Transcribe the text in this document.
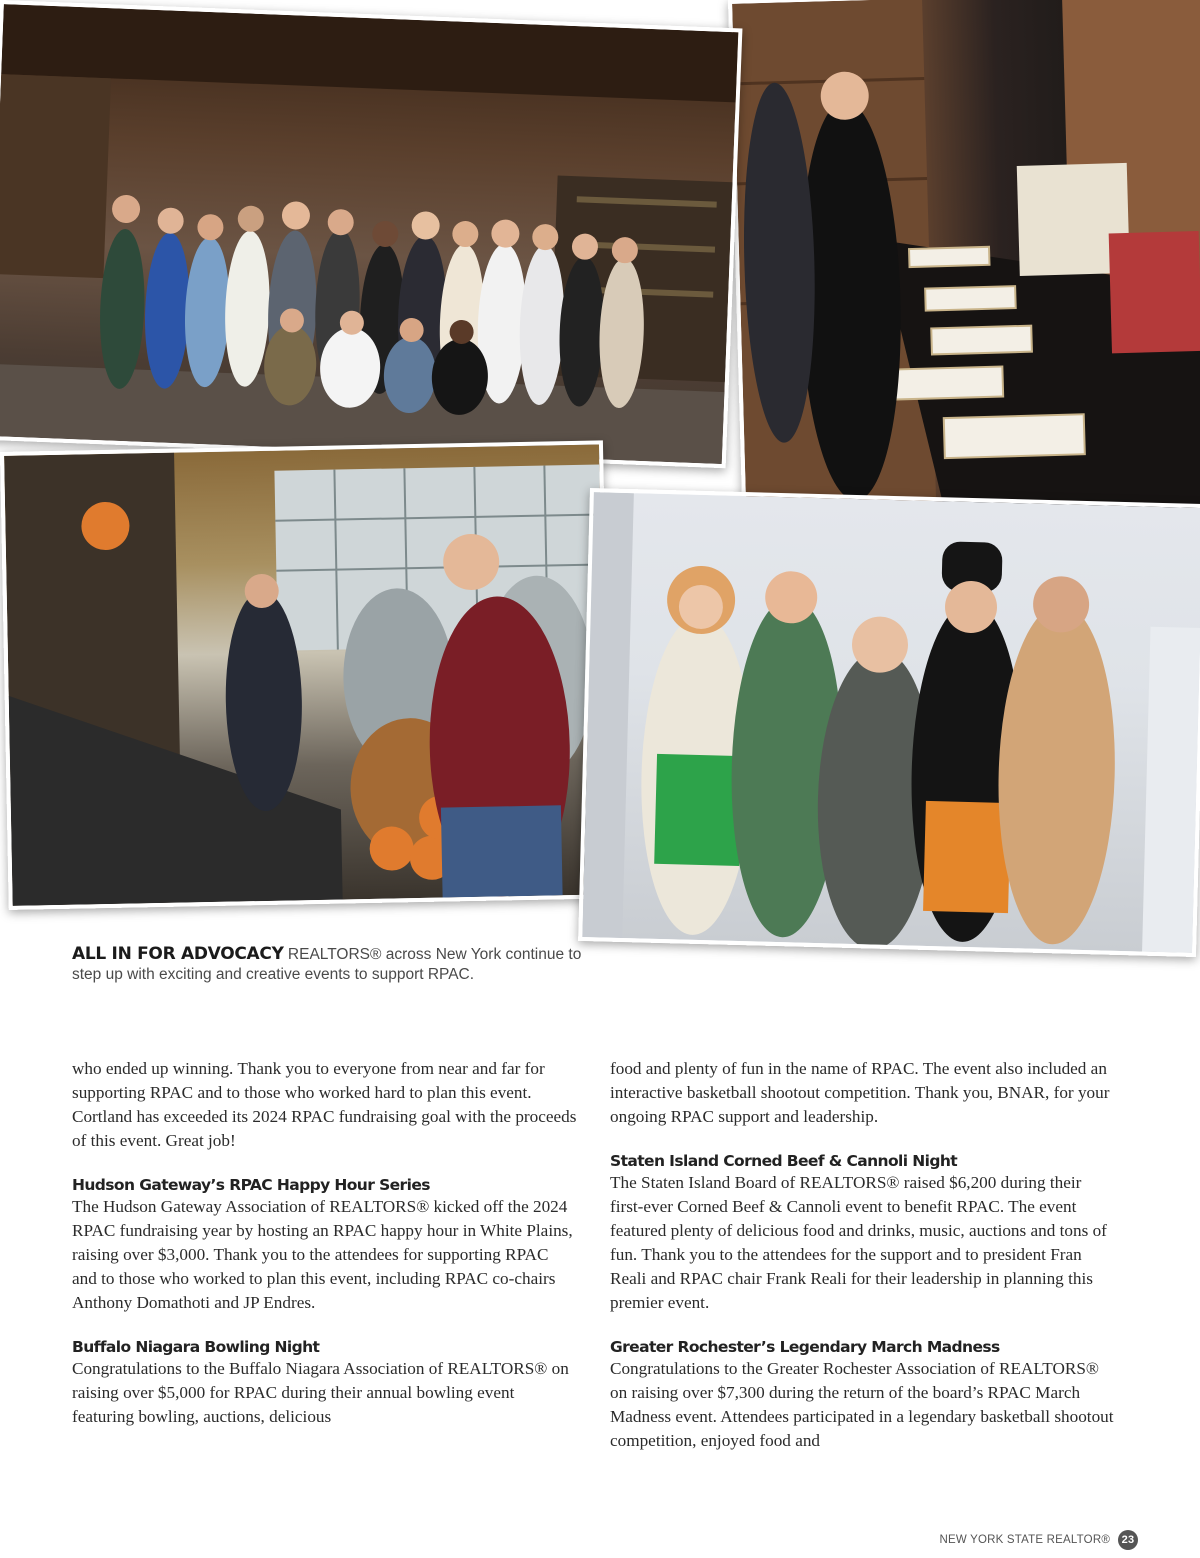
ALL IN FOR ADVOCACY REALTORS® across New York continue to step up with exciting and creative events to support RPAC.

who ended up winning. Thank you to everyone from near and far for supporting RPAC and to those who worked hard to plan this event. Cortland has exceeded its 2024 RPAC fundraising goal with the proceeds of this event. Great job!

Hudson Gateway’s RPAC Happy Hour Series

The Hudson Gateway Association of REALTORS® kicked off the 2024 RPAC fundraising year by hosting an RPAC happy hour in White Plains, raising over $3,000. Thank you to the attendees for supporting RPAC and to those who worked to plan this event, including RPAC co-chairs Anthony Domathoti and JP Endres.

Buffalo Niagara Bowling Night

Congratulations to the Buffalo Niagara Association of REALTORS® on raising over $5,000 for RPAC during their annual bowling event featuring bowling, auctions, delicious

food and plenty of fun in the name of RPAC. The event also included an interactive basketball shootout competition. Thank you, BNAR, for your ongoing RPAC support and leadership.

Staten Island Corned Beef & Cannoli Night

The Staten Island Board of REALTORS® raised $6,200 during their first-ever Corned Beef & Cannoli event to benefit RPAC. The event featured plenty of delicious food and drinks, music, auctions and tons of fun. Thank you to the attendees for the support and to president Fran Reali and RPAC chair Frank Reali for their leadership in planning this premier event.

Greater Rochester’s Legendary March Madness

Congratulations to the Greater Rochester Association of REALTORS® on raising over $7,300 during the return of the board’s RPAC March Madness event. Attendees participated in a legendary basketball shootout competition, enjoyed food and

NEW YORK STATE REALTOR®	23
